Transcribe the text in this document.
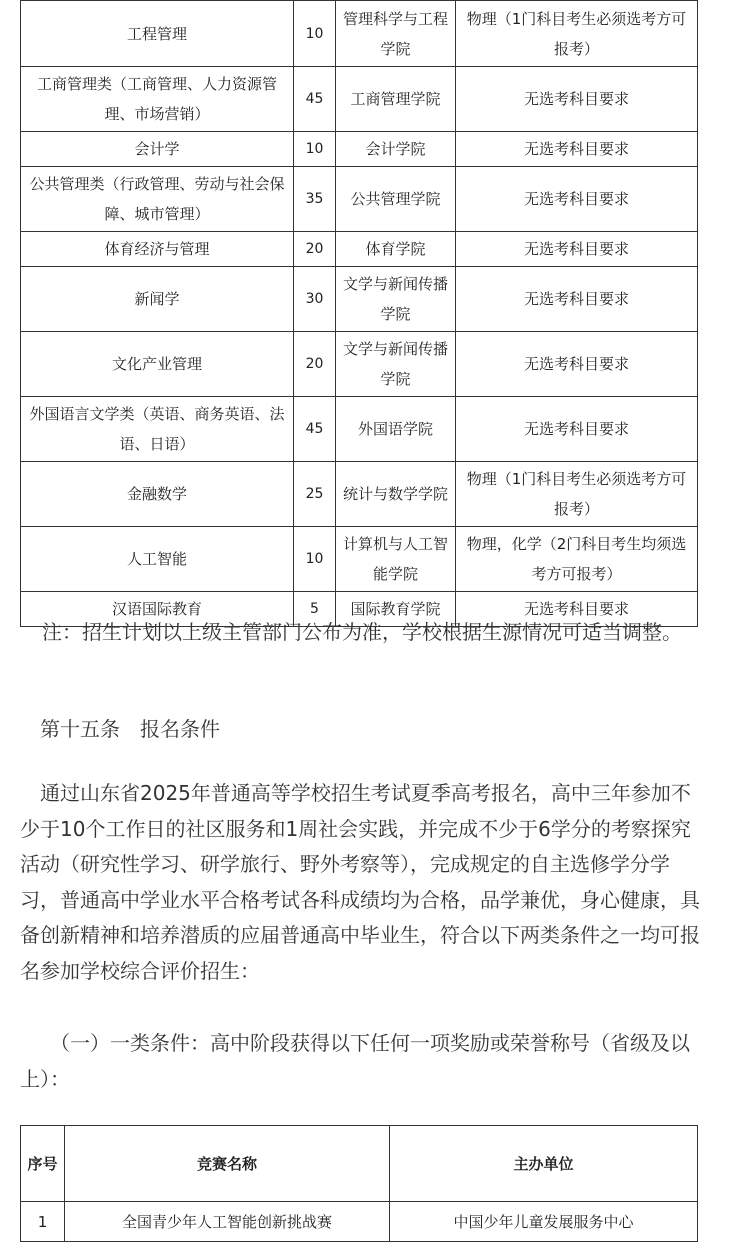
工程管理	10	管理科学与工程学院	物理（1门科目考生必须选考方可报考）
工商管理类（工商管理、人力资源管理、市场营销）	45	工商管理学院	无选考科目要求
会计学	10	会计学院	无选考科目要求
公共管理类（行政管理、劳动与社会保障、城市管理）	35	公共管理学院	无选考科目要求
体育经济与管理	20	体育学院	无选考科目要求
新闻学	30	文学与新闻传播学院	无选考科目要求
文化产业管理	20	文学与新闻传播学院	无选考科目要求
外国语言文学类（英语、商务英语、法语、日语）	45	外国语学院	无选考科目要求
金融数学	25	统计与数学学院	物理（1门科目考生必须选考方可报考）
人工智能	10	计算机与人工智能学院	物理，化学（2门科目考生均须选考方可报考）
汉语国际教育	5	国际教育学院	无选考科目要求

注：招生计划以上级主管部门公布为准，学校根据生源情况可适当调整。

第十五条　报名条件

通过山东省2025年普通高等学校招生考试夏季高考报名，高中三年参加不少于10个工作日的社区服务和1周社会实践，并完成不少于6学分的考察探究活动（研究性学习、研学旅行、野外考察等），完成规定的自主选修学分学习，普通高中学业水平合格考试各科成绩均为合格，品学兼优，身心健康，具备创新精神和培养潜质的应届普通高中毕业生，符合以下两类条件之一均可报名参加学校综合评价招生：

（一）一类条件：高中阶段获得以下任何一项奖励或荣誉称号（省级及以上）：

序号	竞赛名称	主办单位
1	全国青少年人工智能创新挑战赛	中国少年儿童发展服务中心
